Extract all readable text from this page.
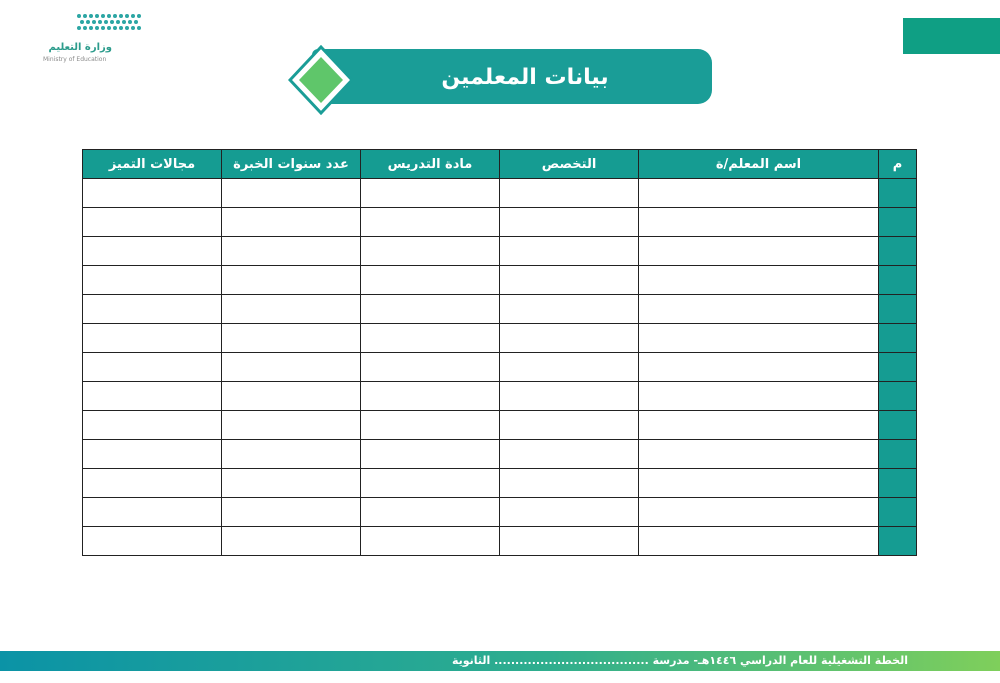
وزارة التعليم
Ministry of Education
بيانات المعلمين
م	اسم المعلم/ة	التخصص	مادة التدريس	عدد سنوات الخبرة	مجالات التميز

الخطة التشغيلية للعام الدراسي ١٤٤٦هـ- مدرسة ..................................... الثانوية
